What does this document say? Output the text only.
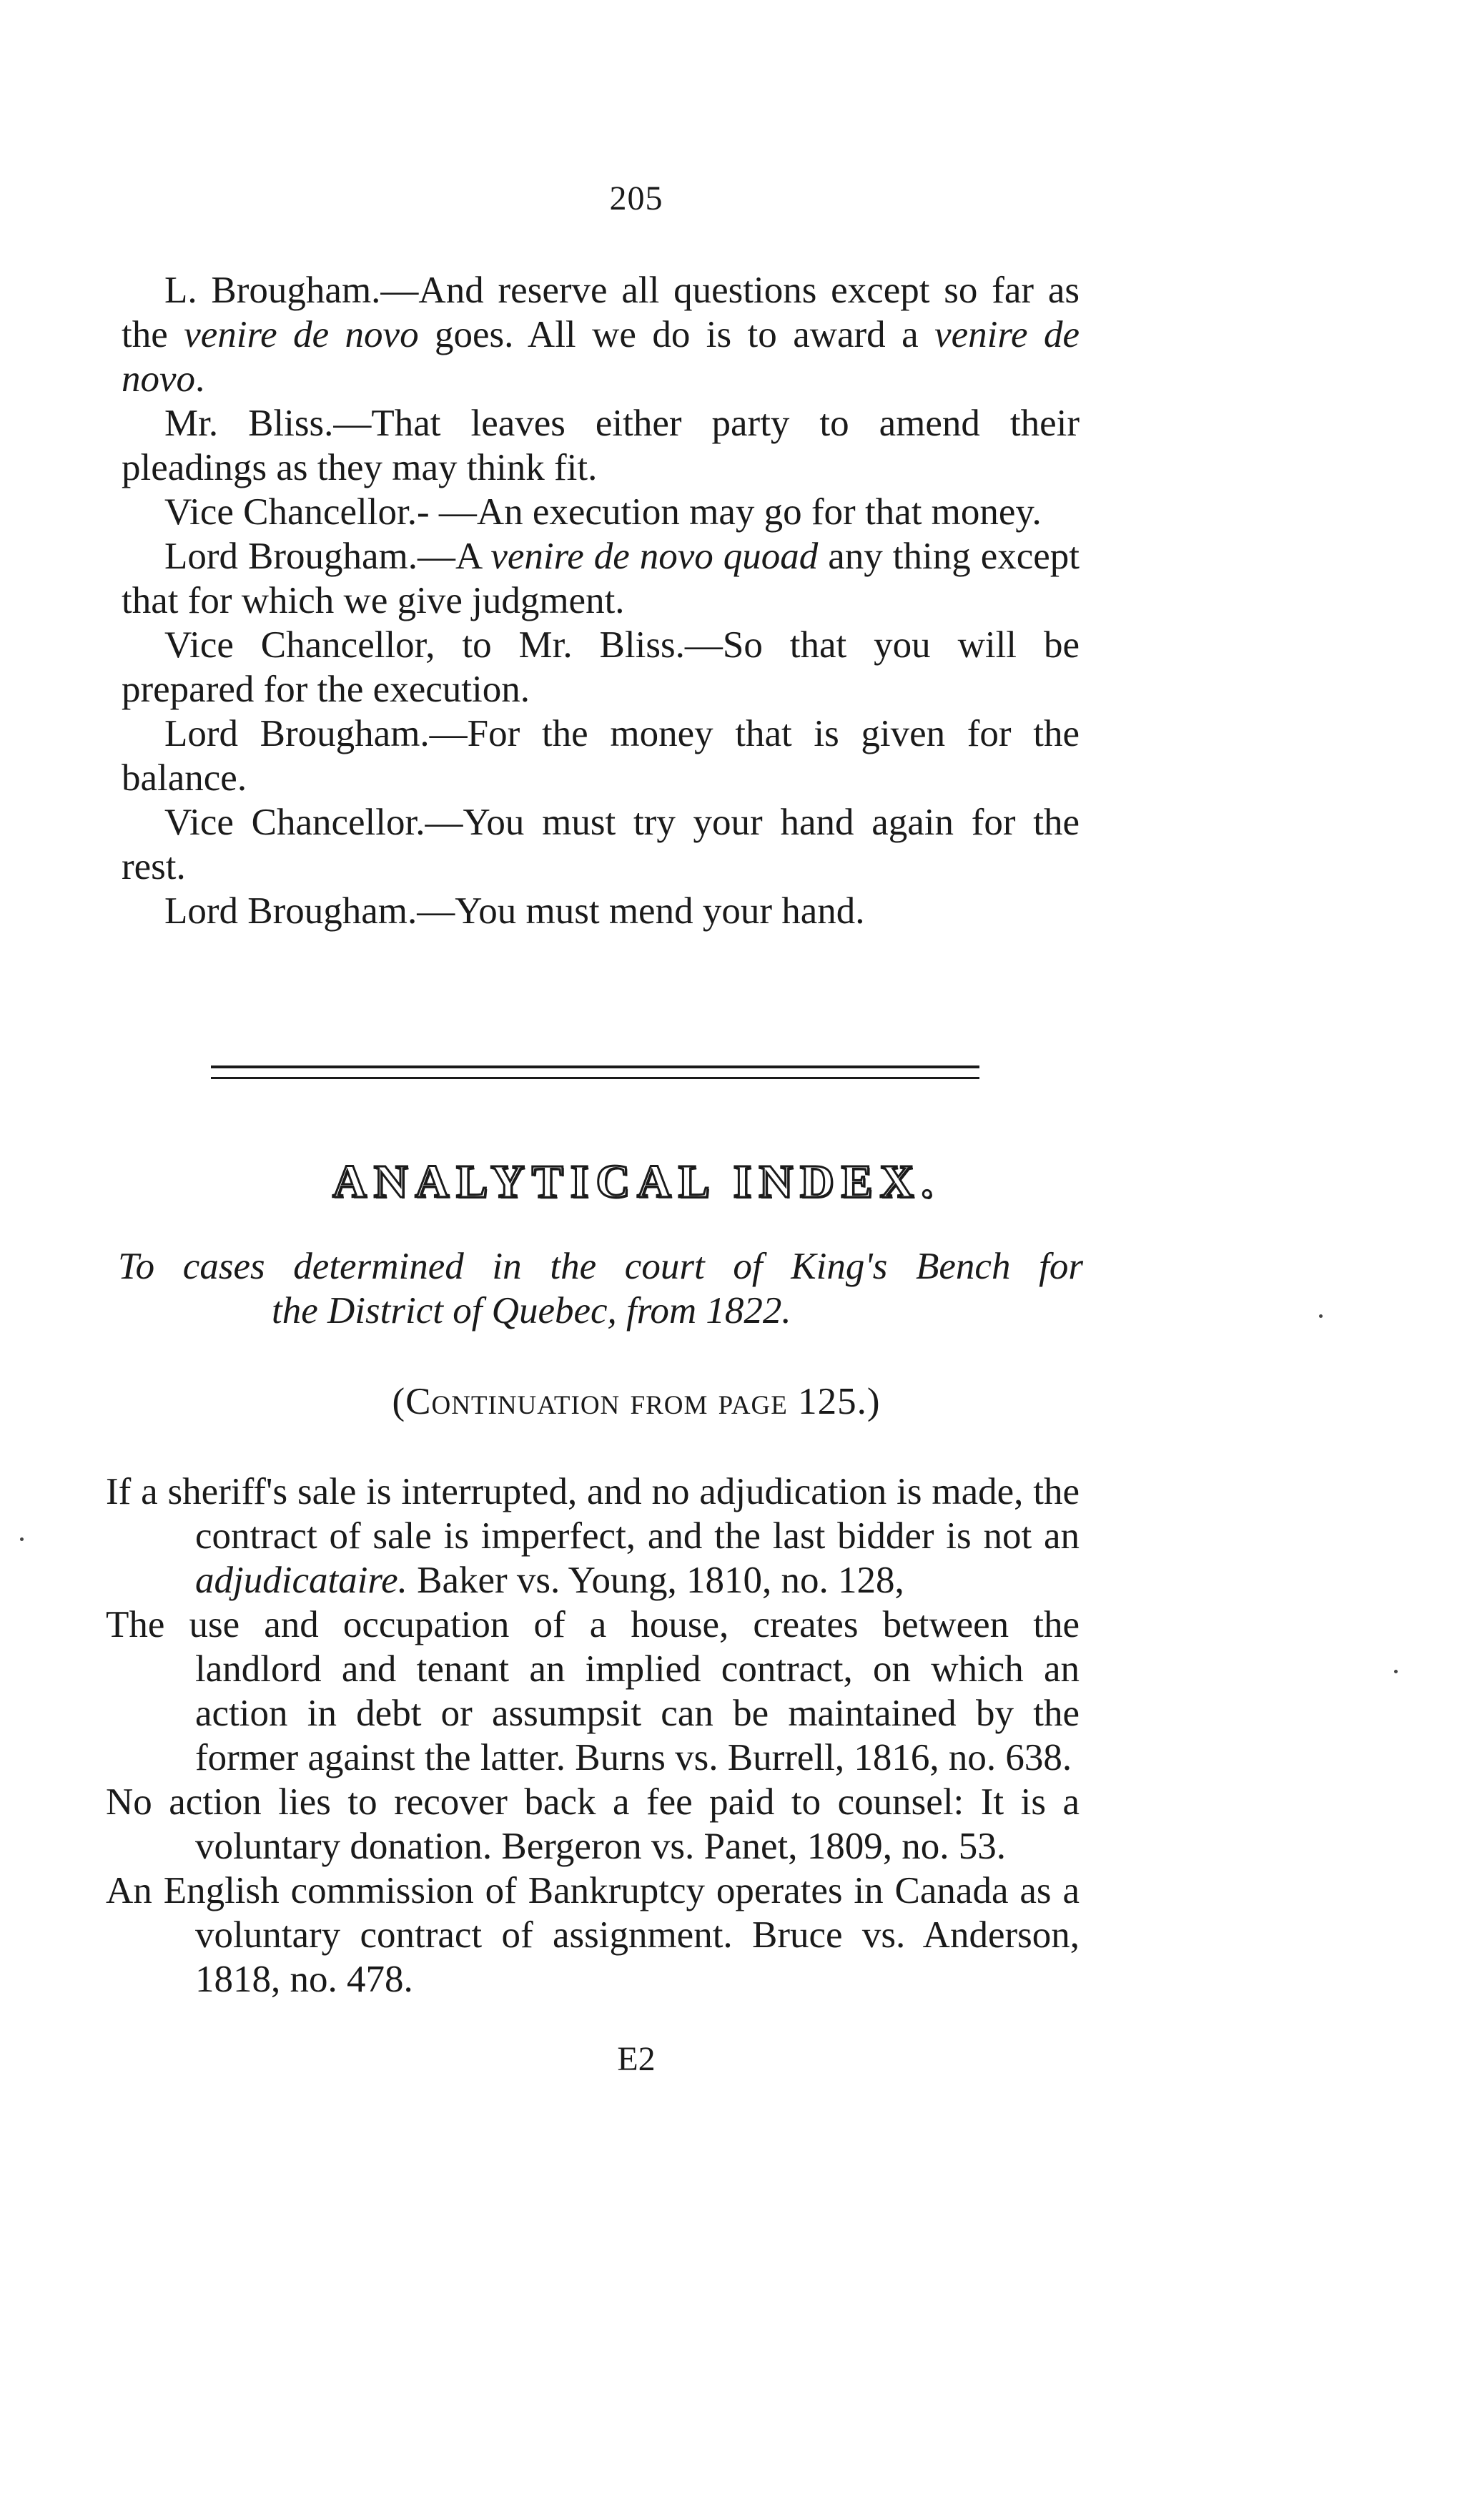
205

L. Brougham.—And reserve all questions except so far as the venire de novo goes. All we do is to award a venire de novo.

Mr. Bliss.—That leaves either party to amend their pleadings as they may think fit.

Vice Chancellor.- —An execution may go for that money.

Lord Brougham.—A venire de novo quoad any thing except that for which we give judgment.

Vice Chancellor, to Mr. Bliss.—So that you will be prepared for the execution.

Lord Brougham.—For the money that is given for the balance.

Vice Chancellor.—You must try your hand again for the rest.

Lord Brougham.—You must mend your hand.

ANALYTICAL INDEX.
To cases determined in the court of King's Bench for
the District of Quebec, from 1822.
(Continuation from page 125.)

If a sheriff's sale is interrupted, and no adjudication is made, the contract of sale is imperfect, and the last bidder is not an adjudicataire. Baker vs. Young, 1810, no. 128,

The use and occupation of a house, creates between the landlord and tenant an implied contract, on which an action in debt or assumpsit can be maintained by the former against the latter. Burns vs. Burrell, 1816, no. 638.

No action lies to recover back a fee paid to counsel: It is a voluntary donation. Bergeron vs. Panet, 1809, no. 53.

An English commission of Bankruptcy operates in Canada as a voluntary contract of assignment. Bruce vs. Anderson, 1818, no. 478.

E2
